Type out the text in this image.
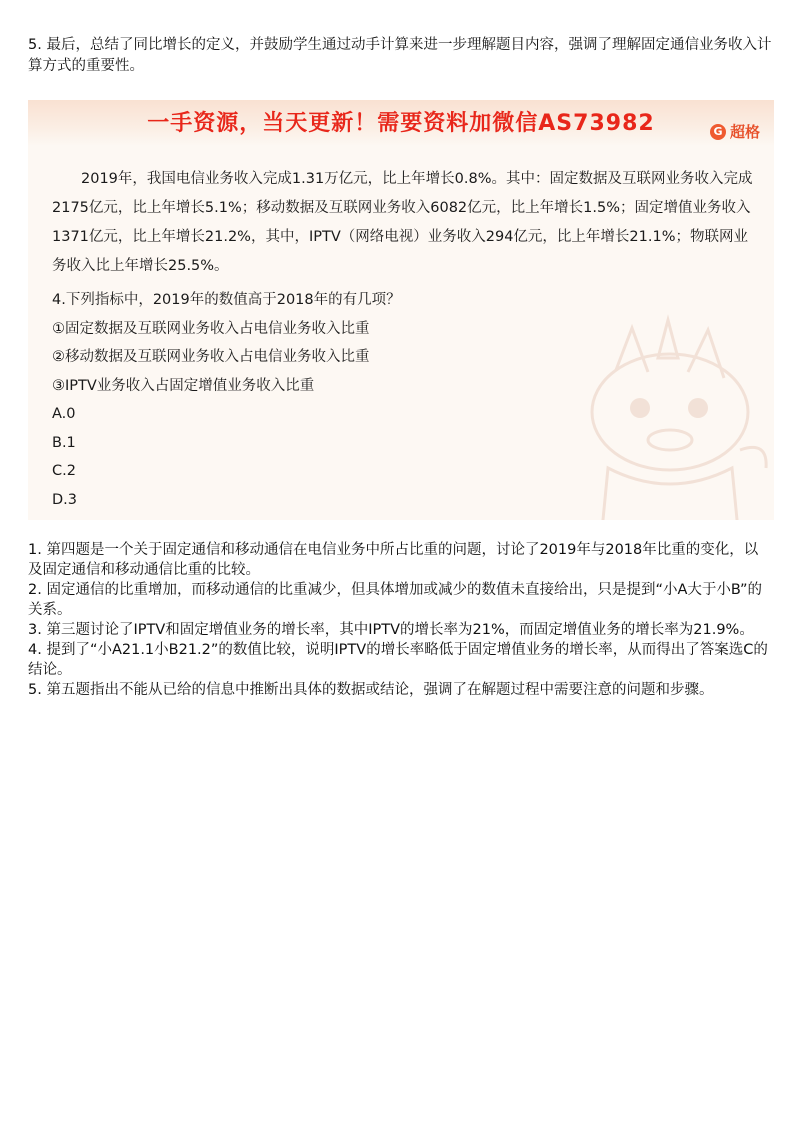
5. 最后，总结了同比增长的定义，并鼓励学生通过动手计算来进一步理解题目内容，强调了理解固定通信业务收入计算方式的重要性。

一手资源，当天更新！需要资料加微信AS73982	G 超格

2019年，我国电信业务收入完成1.31万亿元，比上年增长0.8%。其中：固定数据及互联网业务收入完成2175亿元，比上年增长5.1%；移动数据及互联网业务收入6082亿元，比上年增长1.5%；固定增值业务收入1371亿元，比上年增长21.2%，其中，IPTV（网络电视）业务收入294亿元，比上年增长21.1%；物联网业务收入比上年增长25.5%。

4.下列指标中，2019年的数值高于2018年的有几项？
①固定数据及互联网业务收入占电信业务收入比重
②移动数据及互联网业务收入占电信业务收入比重
③IPTV业务收入占固定增值业务收入比重
A.0
B.1
C.2
D.3

1. 第四题是一个关于固定通信和移动通信在电信业务中所占比重的问题，讨论了2019年与2018年比重的变化，以及固定通信和移动通信比重的比较。

2. 固定通信的比重增加，而移动通信的比重减少，但具体增加或减少的数值未直接给出，只是提到“小A大于小B”的关系。

3. 第三题讨论了IPTV和固定增值业务的增长率，其中IPTV的增长率为21%，而固定增值业务的增长率为21.9%。

4. 提到了“小A21.1小B21.2”的数值比较，说明IPTV的增长率略低于固定增值业务的增长率，从而得出了答案选C的结论。

5. 第五题指出不能从已给的信息中推断出具体的数据或结论，强调了在解题过程中需要注意的问题和步骤。
